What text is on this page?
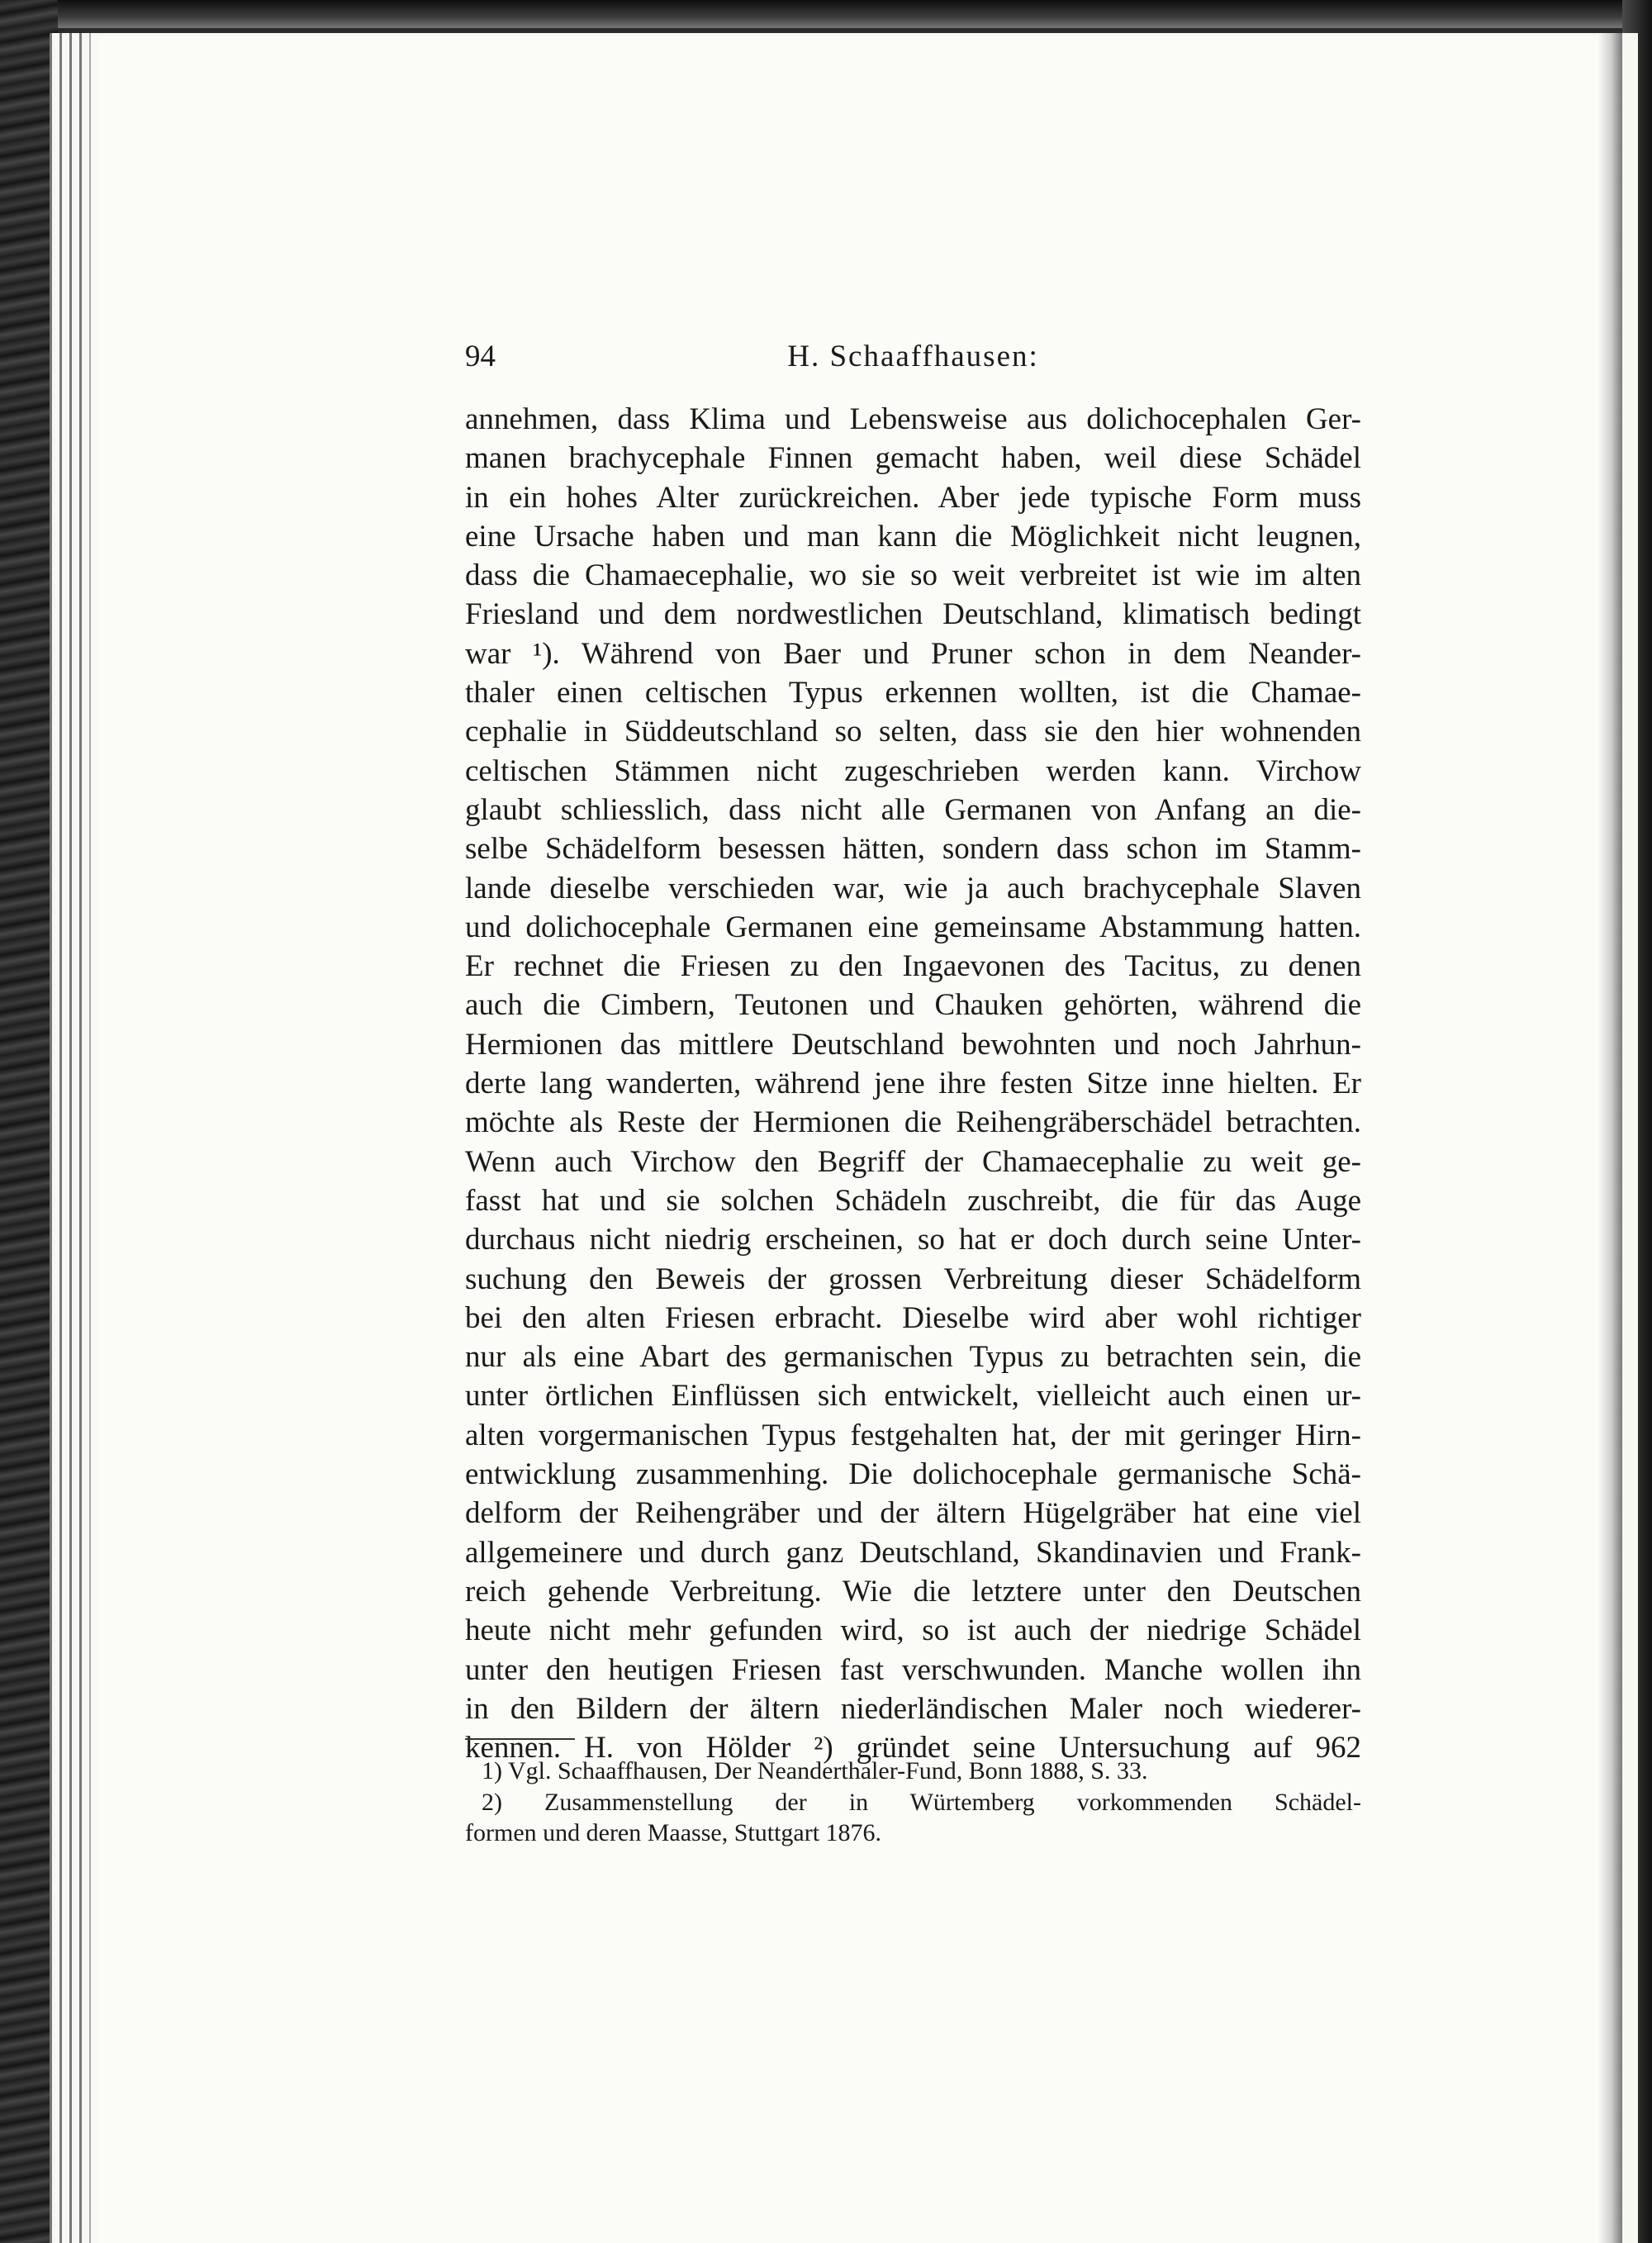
94	H. Schaaffhausen:
annehmen, dass Klima und Lebensweise aus dolichocephalen Ger-
manen brachycephale Finnen gemacht haben, weil diese Schädel
in ein hohes Alter zurückreichen. Aber jede typische Form muss
eine Ursache haben und man kann die Möglichkeit nicht leugnen,
dass die Chamaecephalie, wo sie so weit verbreitet ist wie im alten
Friesland und dem nordwestlichen Deutschland, klimatisch bedingt
war ¹). Während von Baer und Pruner schon in dem Neander-
thaler einen celtischen Typus erkennen wollten, ist die Chamae-
cephalie in Süddeutschland so selten, dass sie den hier wohnenden
celtischen Stämmen nicht zugeschrieben werden kann. Virchow
glaubt schliesslich, dass nicht alle Germanen von Anfang an die-
selbe Schädelform besessen hätten, sondern dass schon im Stamm-
lande dieselbe verschieden war, wie ja auch brachycephale Slaven
und dolichocephale Germanen eine gemeinsame Abstammung hatten.
Er rechnet die Friesen zu den Ingaevonen des Tacitus, zu denen
auch die Cimbern, Teutonen und Chauken gehörten, während die
Hermionen das mittlere Deutschland bewohnten und noch Jahrhun-
derte lang wanderten, während jene ihre festen Sitze inne hielten. Er
möchte als Reste der Hermionen die Reihengräberschädel betrachten.
Wenn auch Virchow den Begriff der Chamaecephalie zu weit ge-
fasst hat und sie solchen Schädeln zuschreibt, die für das Auge
durchaus nicht niedrig erscheinen, so hat er doch durch seine Unter-
suchung den Beweis der grossen Verbreitung dieser Schädelform
bei den alten Friesen erbracht. Dieselbe wird aber wohl richtiger
nur als eine Abart des germanischen Typus zu betrachten sein, die
unter örtlichen Einflüssen sich entwickelt, vielleicht auch einen ur-
alten vorgermanischen Typus festgehalten hat, der mit geringer Hirn-
entwicklung zusammenhing. Die dolichocephale germanische Schä-
delform der Reihengräber und der ältern Hügelgräber hat eine viel
allgemeinere und durch ganz Deutschland, Skandinavien und Frank-
reich gehende Verbreitung. Wie die letztere unter den Deutschen
heute nicht mehr gefunden wird, so ist auch der niedrige Schädel
unter den heutigen Friesen fast verschwunden. Manche wollen ihn
in den Bildern der ältern niederländischen Maler noch wiederer-
kennen. H. von Hölder ²) gründet seine Untersuchung auf 962
1) Vgl. Schaaffhausen, Der Neanderthaler-Fund, Bonn 1888, S. 33.
2) Zusammenstellung der in Würtemberg vorkommenden Schädel-
formen und deren Maasse, Stuttgart 1876.
